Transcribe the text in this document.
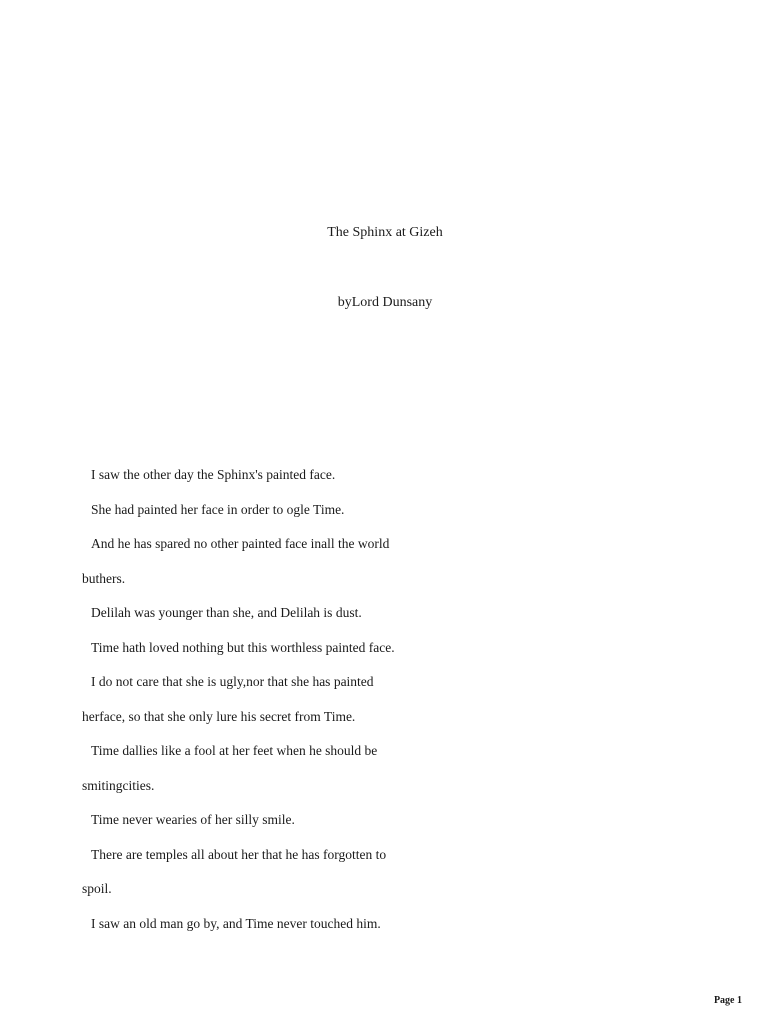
The Sphinx at Gizeh
byLord Dunsany
I saw the other day the Sphinx's painted face.
She had painted her face in order to ogle Time.
And he has spared no other painted face inall the world
buthers.
Delilah was younger than she, and Delilah is dust.
Time hath loved nothing but this worthless painted face.
I do not care that she is ugly,nor that she has painted
herface, so that she only lure his secret from Time.
Time dallies like a fool at her feet when he should be
smitingcities.
Time never wearies of her silly smile.
There are temples all about her that he has forgotten to
spoil.
I saw an old man go by, and Time never touched him.
Page 1
